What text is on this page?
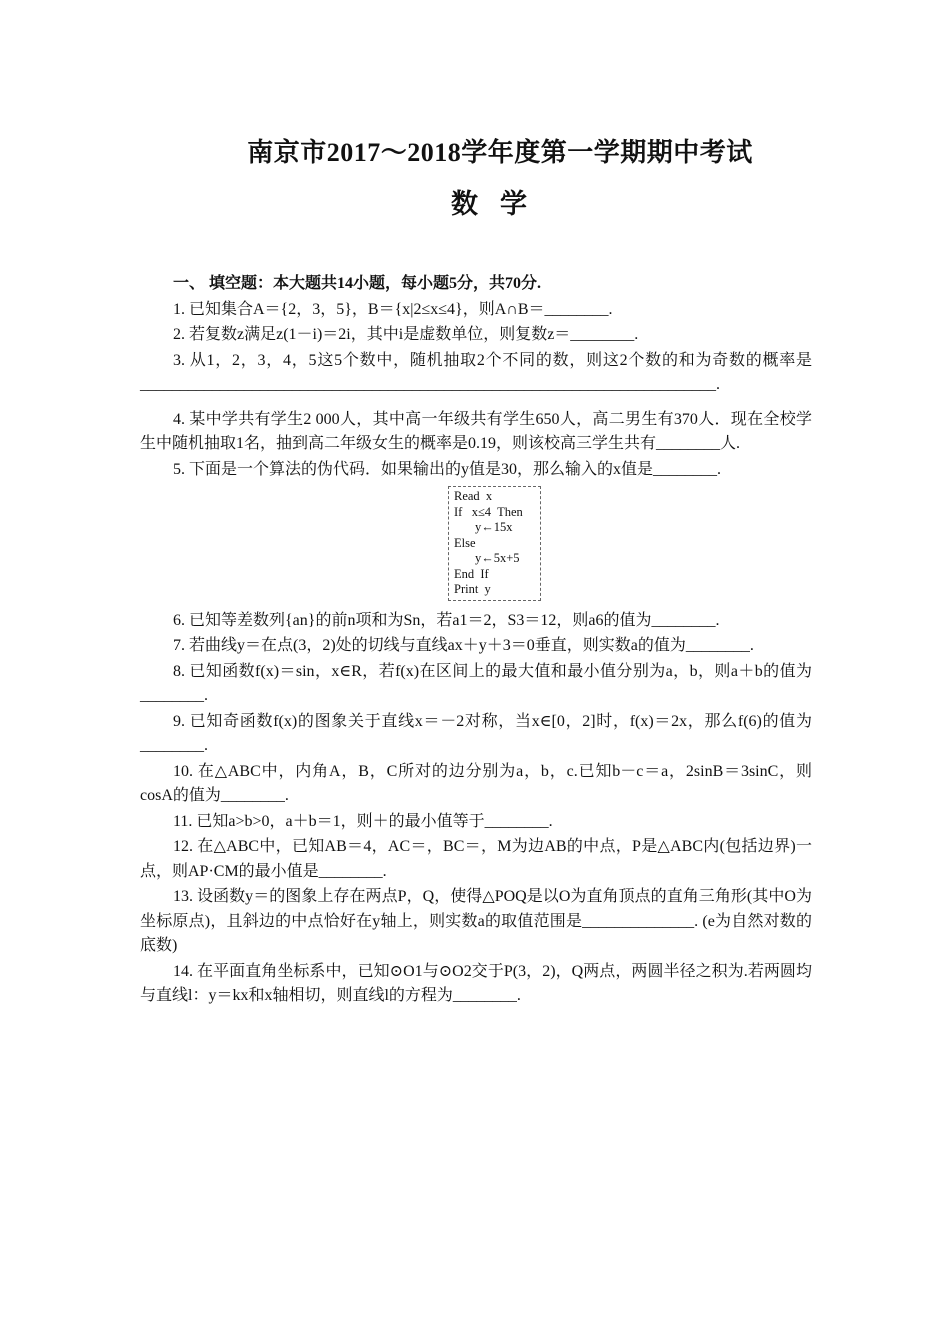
南京市2017～2018学年度第一学期期中考试
数学
一、 填空题：本大题共14小题，每小题5分，共70分.
1. 已知集合A＝{2，3，5}，B＝{x|2≤x≤4}，则A∩B＝________.
2. 若复数z满足z(1－i)＝2i，其中i是虚数单位，则复数z＝________.
3. 从1，2，3，4，5这5个数中，随机抽取2个不同的数，则这2个数的和为奇数的概率是________________________________________________________________________.
4. 某中学共有学生2 000人，其中高一年级共有学生650人，高二男生有370人．现在全校学生中随机抽取1名，抽到高二年级女生的概率是0.19，则该校高三学生共有________人.
5. 下面是一个算法的伪代码．如果输出的y值是30，那么输入的x值是________.
Read  x
If   x≤4  Then
y←15x
Else
y←5x+5
End  If
Print  y
6. 已知等差数列{an}的前n项和为Sn，若a1＝2，S3＝12，则a6的值为________.
7. 若曲线y＝在点(3，2)处的切线与直线ax＋y＋3＝0垂直，则实数a的值为________.
8. 已知函数f(x)＝sin，x∈R，若f(x)在区间上的最大值和最小值分别为a，b，则a＋b的值为________.
9. 已知奇函数f(x)的图象关于直线x＝－2对称，当x∈[0，2]时，f(x)＝2x，那么f(6)的值为________.
10. 在△ABC中，内角A，B，C所对的边分别为a，b，c.已知b－c＝a，2sinB＝3sinC，则cosA的值为________.
11. 已知a>b>0，a＋b＝1，则＋的最小值等于________.
12. 在△ABC中，已知AB＝4，AC＝，BC＝，M为边AB的中点，P是△ABC内(包括边界)一点，则AP·CM的最小值是________.
13. 设函数y＝的图象上存在两点P，Q，使得△POQ是以O为直角顶点的直角三角形(其中O为坐标原点)，且斜边的中点恰好在y轴上，则实数a的取值范围是______________. (e为自然对数的底数)
14. 在平面直角坐标系中，已知⊙O1与⊙O2交于P(3，2)，Q两点，两圆半径之积为.若两圆均与直线l：y＝kx和x轴相切，则直线l的方程为________.
